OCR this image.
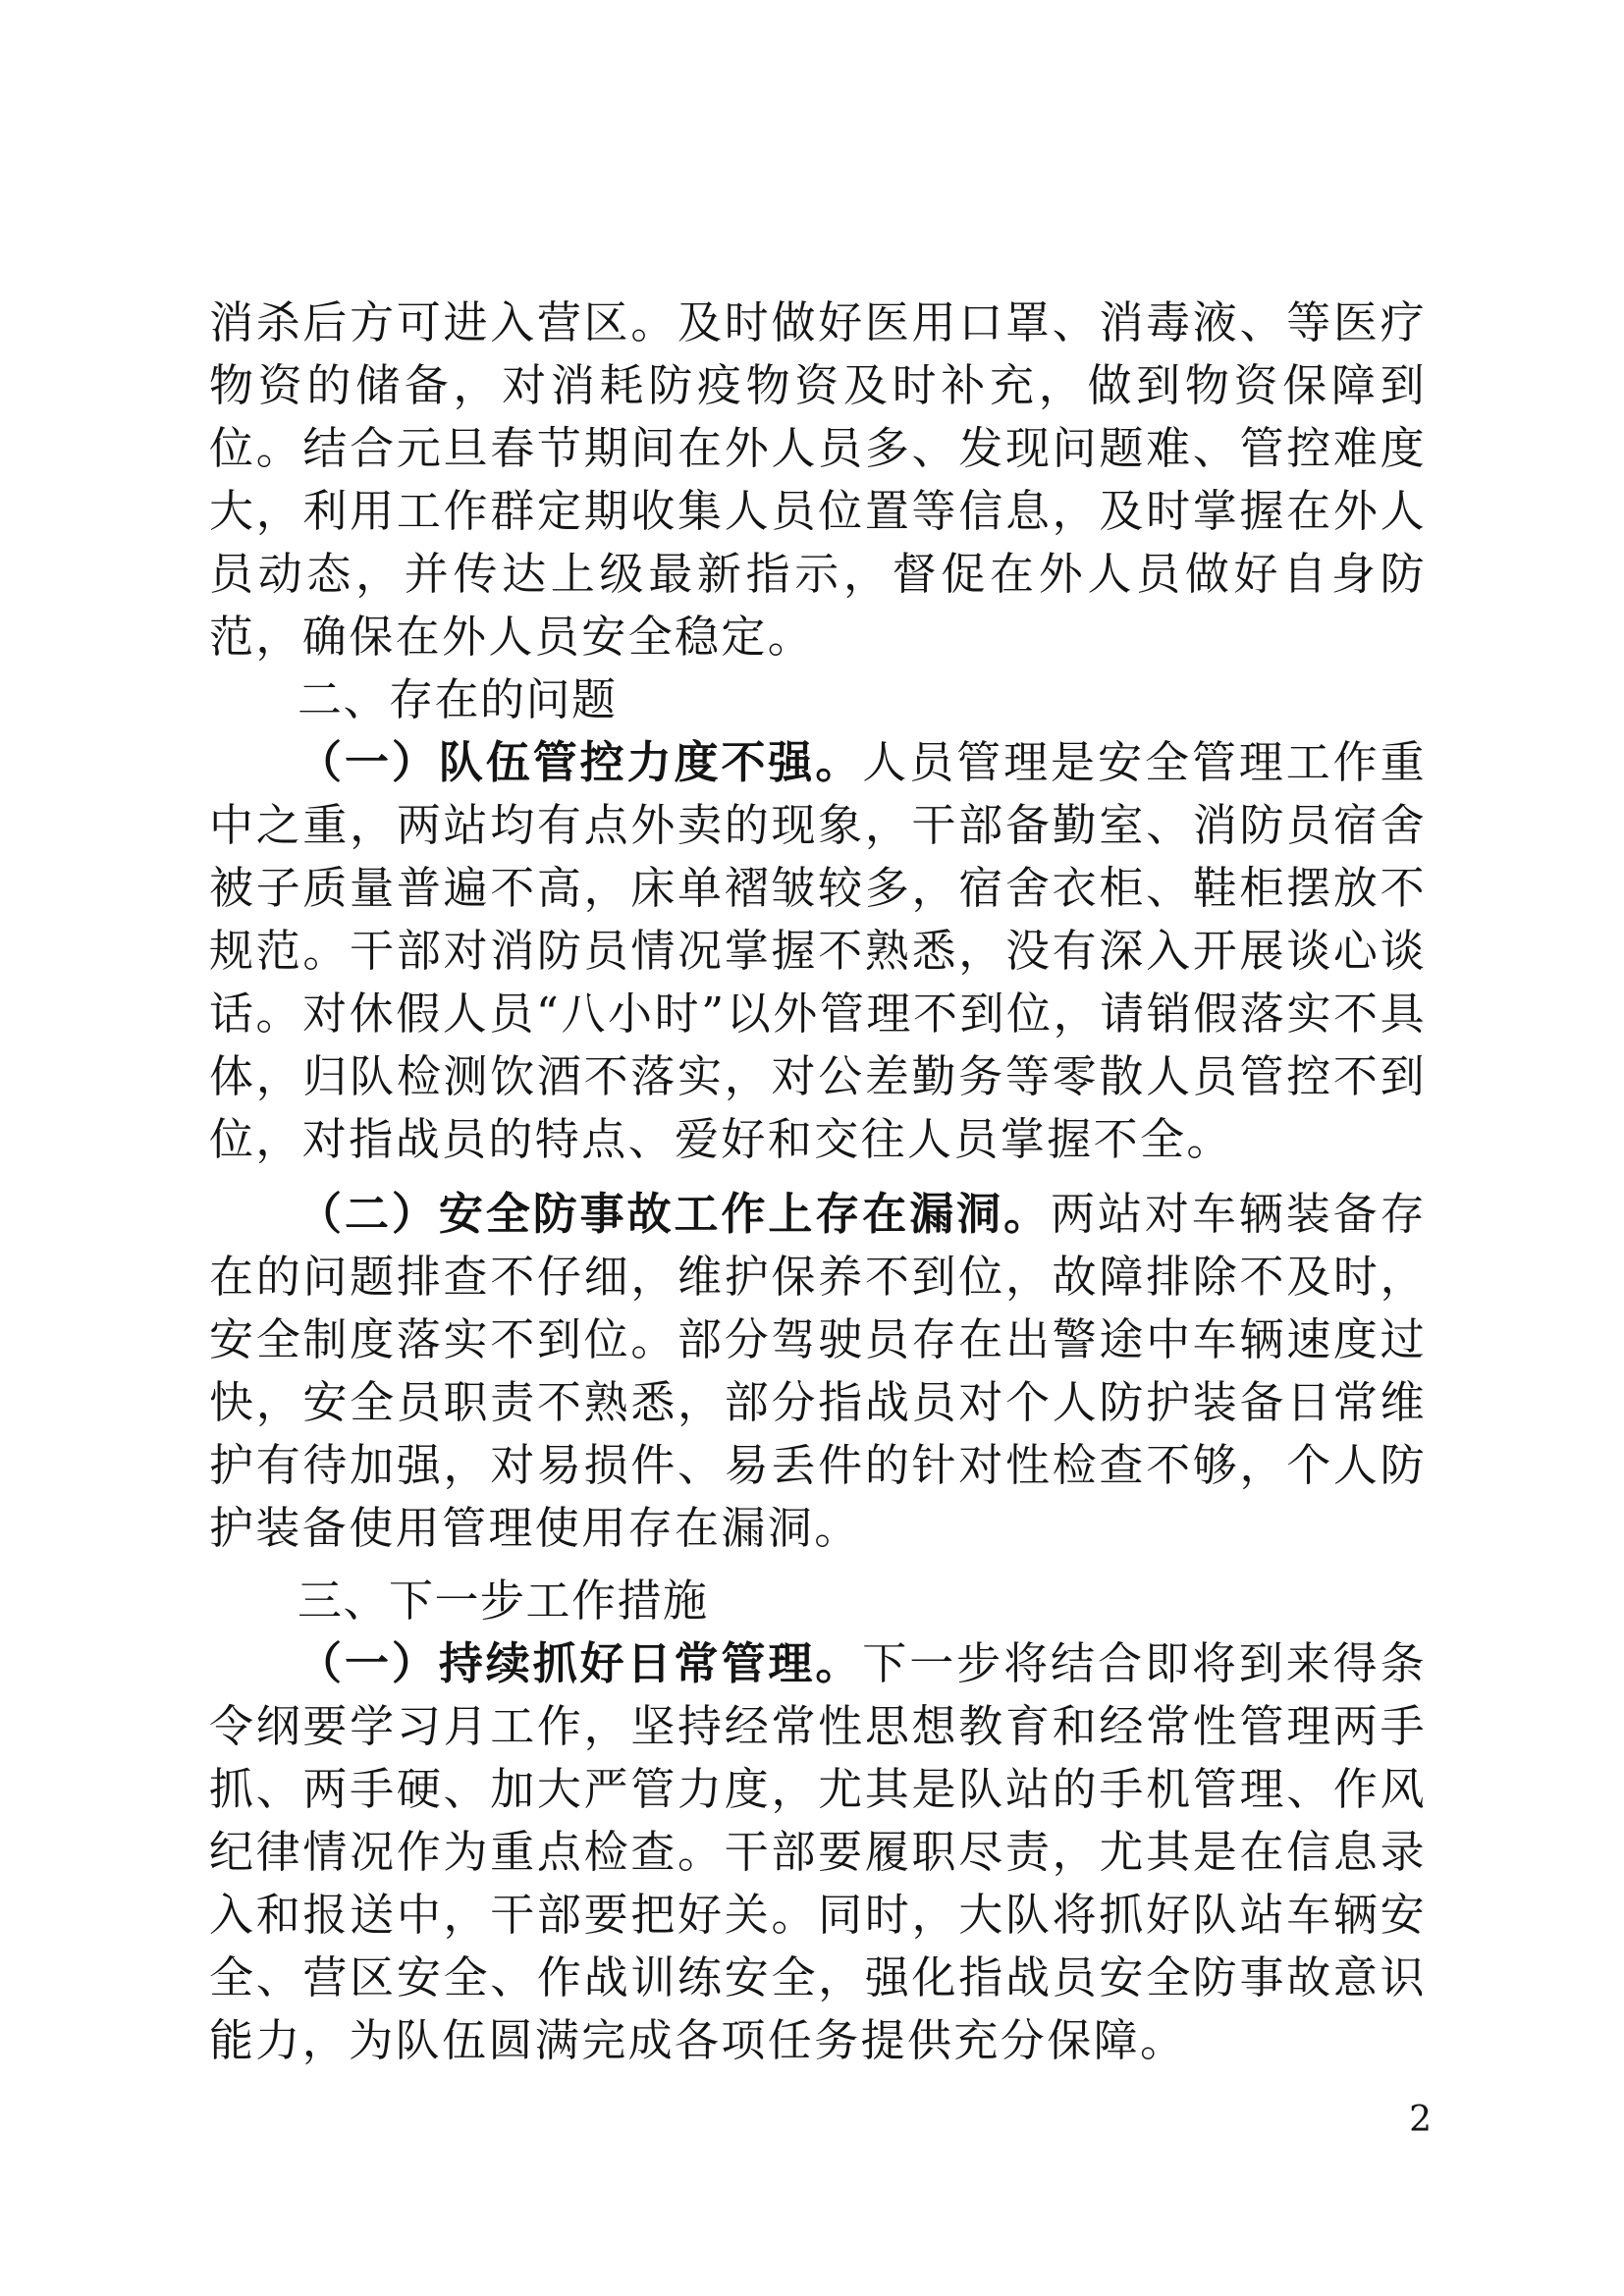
消杀后方可进入营区。及时做好医用口罩、消毒液、等医疗物资的储备，对消耗防疫物资及时补充，做到物资保障到位。结合元旦春节期间在外人员多、发现问题难、管控难度大，利用工作群定期收集人员位置等信息，及时掌握在外人员动态，并传达上级最新指示，督促在外人员做好自身防范，确保在外人员安全稳定。

二、存在的问题

（一）队伍管控力度不强。人员管理是安全管理工作重中之重，两站均有点外卖的现象，干部备勤室、消防员宿舍被子质量普遍不高，床单褶皱较多，宿舍衣柜、鞋柜摆放不规范。干部对消防员情况掌握不熟悉，没有深入开展谈心谈话。对休假人员“八小时”以外管理不到位，请销假落实不具体，归队检测饮酒不落实，对公差勤务等零散人员管控不到位，对指战员的特点、爱好和交往人员掌握不全。

（二）安全防事故工作上存在漏洞。两站对车辆装备存在的问题排查不仔细，维护保养不到位，故障排除不及时，安全制度落实不到位。部分驾驶员存在出警途中车辆速度过快，安全员职责不熟悉，部分指战员对个人防护装备日常维护有待加强，对易损件、易丢件的针对性检查不够，个人防护装备使用管理使用存在漏洞。

三、下一步工作措施

（一）持续抓好日常管理。下一步将结合即将到来得条令纲要学习月工作，坚持经常性思想教育和经常性管理两手抓、两手硬、加大严管力度，尤其是队站的手机管理、作风纪律情况作为重点检查。干部要履职尽责，尤其是在信息录入和报送中，干部要把好关。同时，大队将抓好队站车辆安全、营区安全、作战训练安全，强化指战员安全防事故意识能力，为队伍圆满完成各项任务提供充分保障。

2
